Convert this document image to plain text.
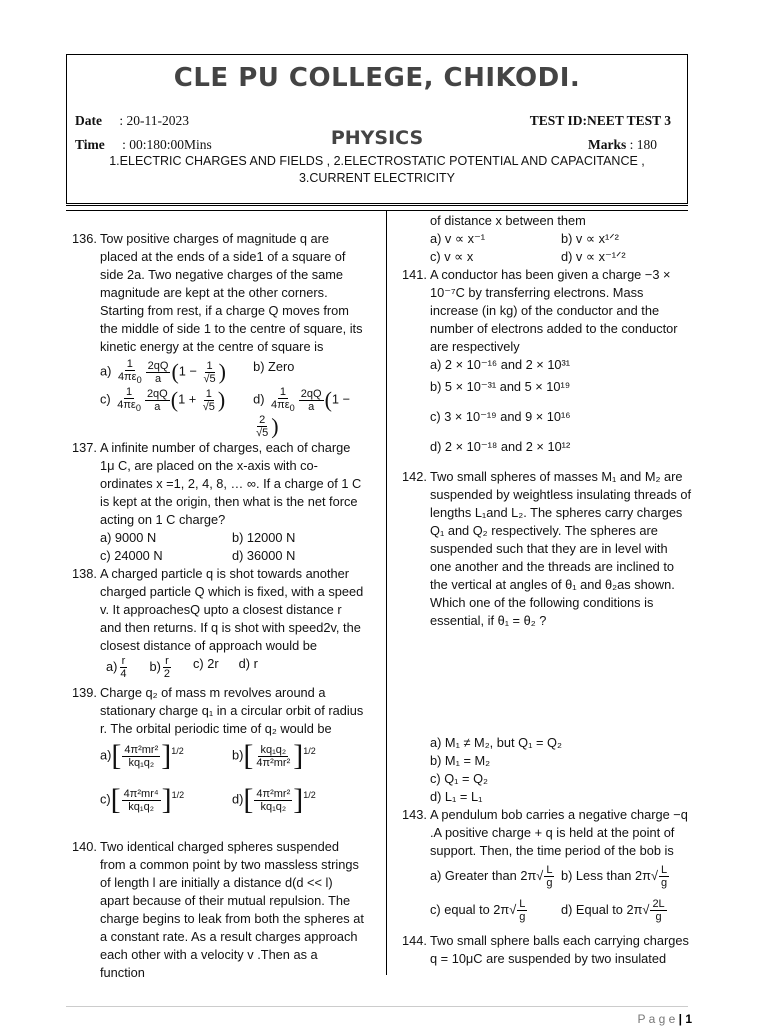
CLE PU COLLEGE, CHIKODI.
Date : 20-11-2023	TEST ID:NEET TEST 3
Time : 00:180:00Mins	PHYSICS	Marks : 180
1.ELECTRIC CHARGES AND FIELDS , 2.ELECTROSTATIC POTENTIAL AND CAPACITANCE ,
3.CURRENT ELECTRICITY
136. Tow positive charges of magnitude q are placed at the ends of a side1 of a square of side 2a. Two negative charges of the same magnitude are kept at the other corners. Starting from rest, if a charge Q moves from the middle of side 1 to the centre of square, its kinetic energy at the centre of square is
$a) \frac{1}{4\pi\varepsilon_0} \frac{2qQ}{a} (1 - \frac{1}{√5}$ )	b) Zero
$c) \frac{1}{4\pi\varepsilon_0} \frac{2qQ}{a} (1 + \frac{1}{√5}$ )	$d) \frac{1}{4\pi\varepsilon_0} \frac{2qQ}{a} (1$ −
$\frac{2}{√5}$ )
137. A infinite number of charges, each of charge 1μ C, are placed on the x-axis with co-ordinates x =1, 2, 4, 8, … ∞. If a charge of 1 C is kept at the origin, then what is the net force acting on 1 C charge?
a) 9000 N	b) 12000 N
c) 24000 N	d) 36000 N
138. A charged particle q is shot towards another charged particle Q which is fixed, with a speed v. It approachesQ upto a closest distance r and then returns. If q is shot with speed2v, the closest distance of approach would be
$a) \frac{r}{4} b) \frac{r}{2} c$) 2r d) r
139. Charge q₂ of mass m revolves around a stationary charge q₁ in a circular orbit of radius r. The orbital periodic time of q₂ would be
$a)[ \frac{\text{4π²mr²}}{\text{kq₁q₂}} ]^{1/2}$	$b)[ \frac{\text{kq₁q₂}}{\text{4π²mr²}} ]^{1/2}$
$c)[ \frac{\text{4π²mr⁴}}{\text{kq₁q₂}} ]^{1/2}$	$d)[ \frac{\text{4π²mr²}}{\text{kq₁q₂}} ]^{1/2}$
140. Two identical charged spheres suspended from a common point by two massless strings of length l are initially a distance d(d << l) apart because of their mutual repulsion. The charge begins to leak from both the spheres at a constant rate. As a result charges approach each other with a velocity v .Then as a function
of distance x between them
a) v ∝ x⁻¹	b) v ∝ x¹ᐟ²
c) v ∝ x	d) v ∝ x⁻¹ᐟ²
141. A conductor has been given a charge −3 × 10⁻⁷C by transferring electrons. Mass increase (in kg) of the conductor and the number of electrons added to the conductor are respectively
a) 2 × 10⁻¹⁶ and 2 × 10³¹
b) 5 × 10⁻³¹ and 5 × 10¹⁹
c) 3 × 10⁻¹⁹ and 9 × 10¹⁶
d) 2 × 10⁻¹⁸ and 2 × 10¹²
142. Two small spheres of masses M₁ and M₂ are suspended by weightless insulating threads of lengths L₁and L₂. The spheres carry charges Q₁ and Q₂ respectively. The spheres are suspended such that they are in level with one another and the threads are inclined to the vertical at angles of θ₁ and θ₂as shown. Which one of the following conditions is essential, if θ₁ = θ₂ ?
a) M₁ ≠ M₂, but Q₁ = Q₂
b) M₁ = M₂
c) Q₁ = Q₂
d) L₁ = L₁
143. A pendulum bob carries a negative charge −q .A positive charge + q is held at the point of support. Then, the time period of the bob is
a) Greater than $2\pi√ \frac{L}{g} b$) Less than $2\pi√ \frac{L}{g}$
c) equal to $2\pi√ \frac{L}{g}$	d) Equal to $2\pi√ \frac{2L}{g}$
144. Two small sphere balls each carrying charges q = 10μC are suspended by two insulated
P a g e | 1
